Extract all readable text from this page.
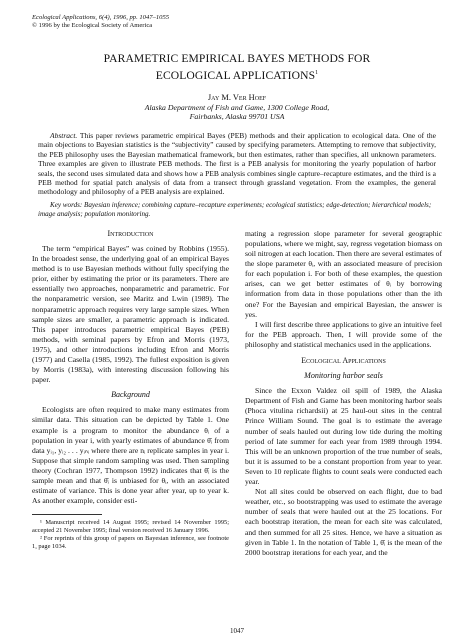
Ecological Applications, 6(4), 1996, pp. 1047–1055
© 1996 by the Ecological Society of America
PARAMETRIC EMPIRICAL BAYES METHODS FOR
ECOLOGICAL APPLICATIONS$^1$
Jay M. Ver Hoef
Alaska Department of Fish and Game, 1300 College Road,
Fairbanks, Alaska 99701 USA

Abstract. This paper reviews parametric empirical Bayes (PEB) methods and their application to ecological data. One of the main objections to Bayesian statistics is the “subjectivity” caused by specifying parameters. Attempting to remove that subjectivity, the PEB philosophy uses the Bayesian mathematical framework, but then estimates, rather than specifies, all unknown parameters. Three examples are given to illustrate PEB methods. The first is a PEB analysis for monitoring the yearly population of harbor seals, the second uses simulated data and shows how a PEB analysis combines single capture–recapture estimates, and the third is a PEB method for spatial patch analysis of data from a transect through grassland vegetation. From the examples, the general methodology and philosophy of a PEB analysis are explained.

Key words: Bayesian inference; combining capture–recapture experiments; ecological statistics; edge-detection; hierarchical models; image analysis; population monitoring.

Introduction

The term “empirical Bayes” was coined by Robbins (1955). In the broadest sense, the underlying goal of an empirical Bayes method is to use Bayesian methods without fully specifying the prior, either by estimating the prior or its parameters. There are essentially two approaches, nonparametric and parametric. For the nonparametric version, see Maritz and Lwin (1989). The nonparametric approach requires very large sample sizes. When sample sizes are smaller, a parametric approach is indicated. This paper introduces parametric empirical Bayes (PEB) methods, with seminal papers by Efron and Morris (1973, 1975), and other introductions including Efron and Morris (1977) and Casella (1985, 1992). The fullest exposition is given by Morris (1983a), with interesting discussion following his paper.

Background

Ecologists are often required to make many estimates from similar data. This situation can be depicted by Table 1. One example is a program to monitor the abundance θᵢ of a population in year i, with yearly estimates of abundance θ̂ᵢ from data yᵢ₁, yᵢ₂ . . . yᵢₙᵢ where there are nᵢ replicate samples in year i. Suppose that simple random sampling was used. Then sampling theory (Cochran 1977, Thompson 1992) indicates that θ̂ᵢ is the sample mean and that θ̂ᵢ is unbiased for θᵢ, with an associated estimate of variance. This is done year after year, up to year k. As another example, consider esti-

¹ Manuscript received 14 August 1995; revised 14 November 1995; accepted 21 November 1995; final version received 16 January 1996.

² For reprints of this group of papers on Bayesian inference, see footnote 1, page 1034.

mating a regression slope parameter for several geographic populations, where we might, say, regress vegetation biomass on soil nitrogen at each location. Then there are several estimates of the slope parameter θᵢ, with an associated measure of precision for each population i. For both of these examples, the question arises, can we get better estimates of θᵢ by borrowing information from data in those populations other than the ith one? For the Bayesian and empirical Bayesian, the answer is yes.

I will first describe three applications to give an intuitive feel for the PEB approach. Then, I will provide some of the philosophy and statistical mechanics used in the applications.

Ecological Applications
Monitoring harbor seals

Since the Exxon Valdez oil spill of 1989, the Alaska Department of Fish and Game has been monitoring harbor seals (Phoca vitulina richardsii) at 25 haul-out sites in the central Prince William Sound. The goal is to estimate the average number of seals hauled out during low tide during the molting period of late summer for each year from 1989 through 1994. This will be an unknown proportion of the true number of seals, but it is assumed to be a constant proportion from year to year. Seven to 10 replicate flights to count seals were conducted each year.

Not all sites could be observed on each flight, due to bad weather, etc., so bootstrapping was used to estimate the average number of seals that were hauled out at the 25 locations. For each bootstrap iteration, the mean for each site was calculated, and then summed for all 25 sites. Hence, we have a situation as given in Table 1. In the notation of Table 1, θ̂ᵢ is the mean of the 2000 bootstrap iterations for each year, and the

1047
